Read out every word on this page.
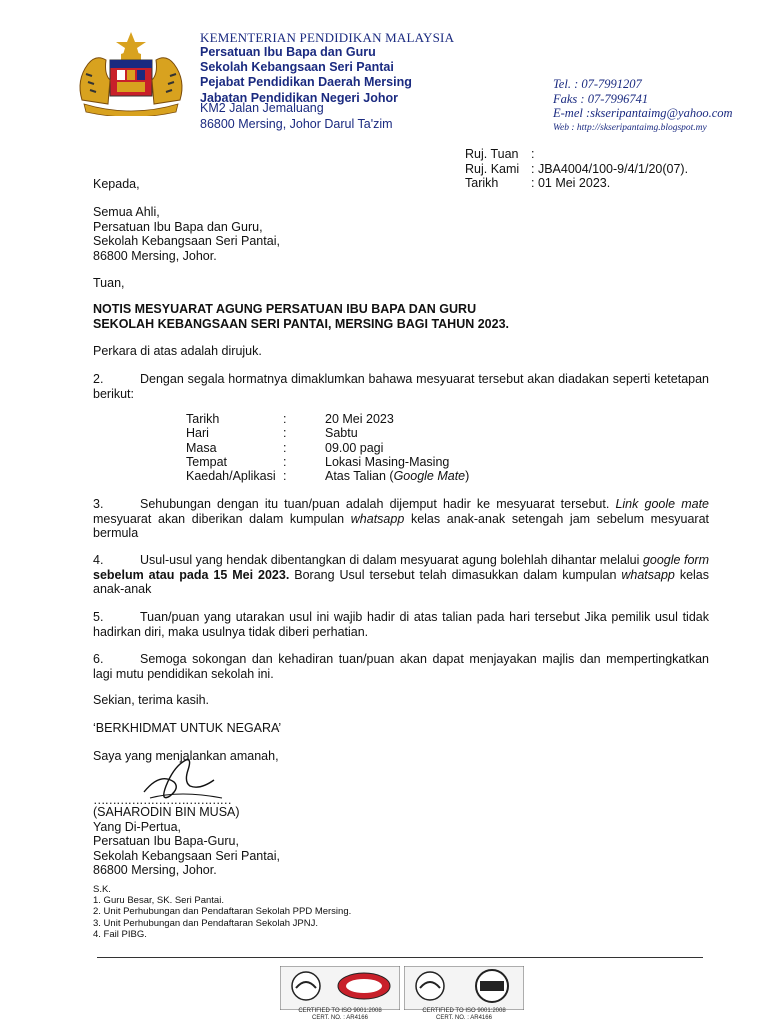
KEMENTERIAN PENDIDIKAN MALAYSIA
Persatuan Ibu Bapa dan Guru
Sekolah Kebangsaan Seri Pantai
Pejabat Pendidikan Daerah Mersing
Jabatan Pendidikan Negeri Johor
KM2 Jalan Jemaluang
86800 Mersing, Johor Darul Ta'zim
Tel. : 07-7991207
Faks : 07-7996741
E-mel :skseripantaimg@yahoo.com
Web : http://skseripantaimg.blogspot.my
Ruj. Tuan :
Ruj. Kami : JBA4004/100-9/4/1/20(07).
Tarikh	: 01 Mei 2023.
Kepada,
Semua Ahli,
Persatuan Ibu Bapa dan Guru,
Sekolah Kebangsaan Seri Pantai,
86800 Mersing, Johor.
Tuan,
NOTIS MESYUARAT AGUNG PERSATUAN IBU BAPA DAN GURU
SEKOLAH KEBANGSAAN SERI PANTAI, MERSING BAGI TAHUN 2023.
Perkara di atas adalah dirujuk.
2.	Dengan segala hormatnya dimaklumkan bahawa mesyuarat tersebut akan diadakan seperti ketetapan berikut:
Tarikh	:	20 Mei 2023
Hari	:	Sabtu
Masa	:	09.00 pagi
Tempat	:	Lokasi Masing-Masing
Kaedah/Aplikasi :	Atas Talian (Google Mate)
3.	Sehubungan dengan itu tuan/puan adalah dijemput hadir ke mesyuarat tersebut. Link goole mate mesyuarat akan diberikan dalam kumpulan whatsapp kelas anak-anak setengah jam sebelum mesyuarat bermula
4.	Usul-usul yang hendak dibentangkan di dalam mesyuarat agung bolehlah dihantar melalui google form sebelum atau pada 15 Mei 2023. Borang Usul tersebut telah dimasukkan dalam kumpulan whatsapp kelas anak-anak
5.	Tuan/puan yang utarakan usul ini wajib hadir di atas talian pada hari tersebut Jika pemilik usul tidak hadirkan diri, maka usulnya tidak diberi perhatian.
6.	Semoga sokongan dan kehadiran tuan/puan akan dapat menjayakan majlis dan mempertingkatkan lagi mutu pendidikan sekolah ini.
Sekian, terima kasih.
‘BERKHIDMAT UNTUK NEGARA’
Saya yang menjalankan amanah,
………………………………
(SAHARODIN BIN MUSA)
Yang Di-Pertua,
Persatuan Ibu Bapa-Guru,
Sekolah Kebangsaan Seri Pantai,
86800 Mersing, Johor.
S.K.
1. Guru Besar, SK. Seri Pantai.
2. Unit Perhubungan dan Pendaftaran Sekolah PPD Mersing.
3. Unit Perhubungan dan Pendaftaran Sekolah JPNJ.
4. Fail PIBG.
CERTIFIED TO ISO 9001:2008
CERT. NO. : AR4166
CERTIFIED TO ISO 9001:2008
CERT. NO. : AR4166
